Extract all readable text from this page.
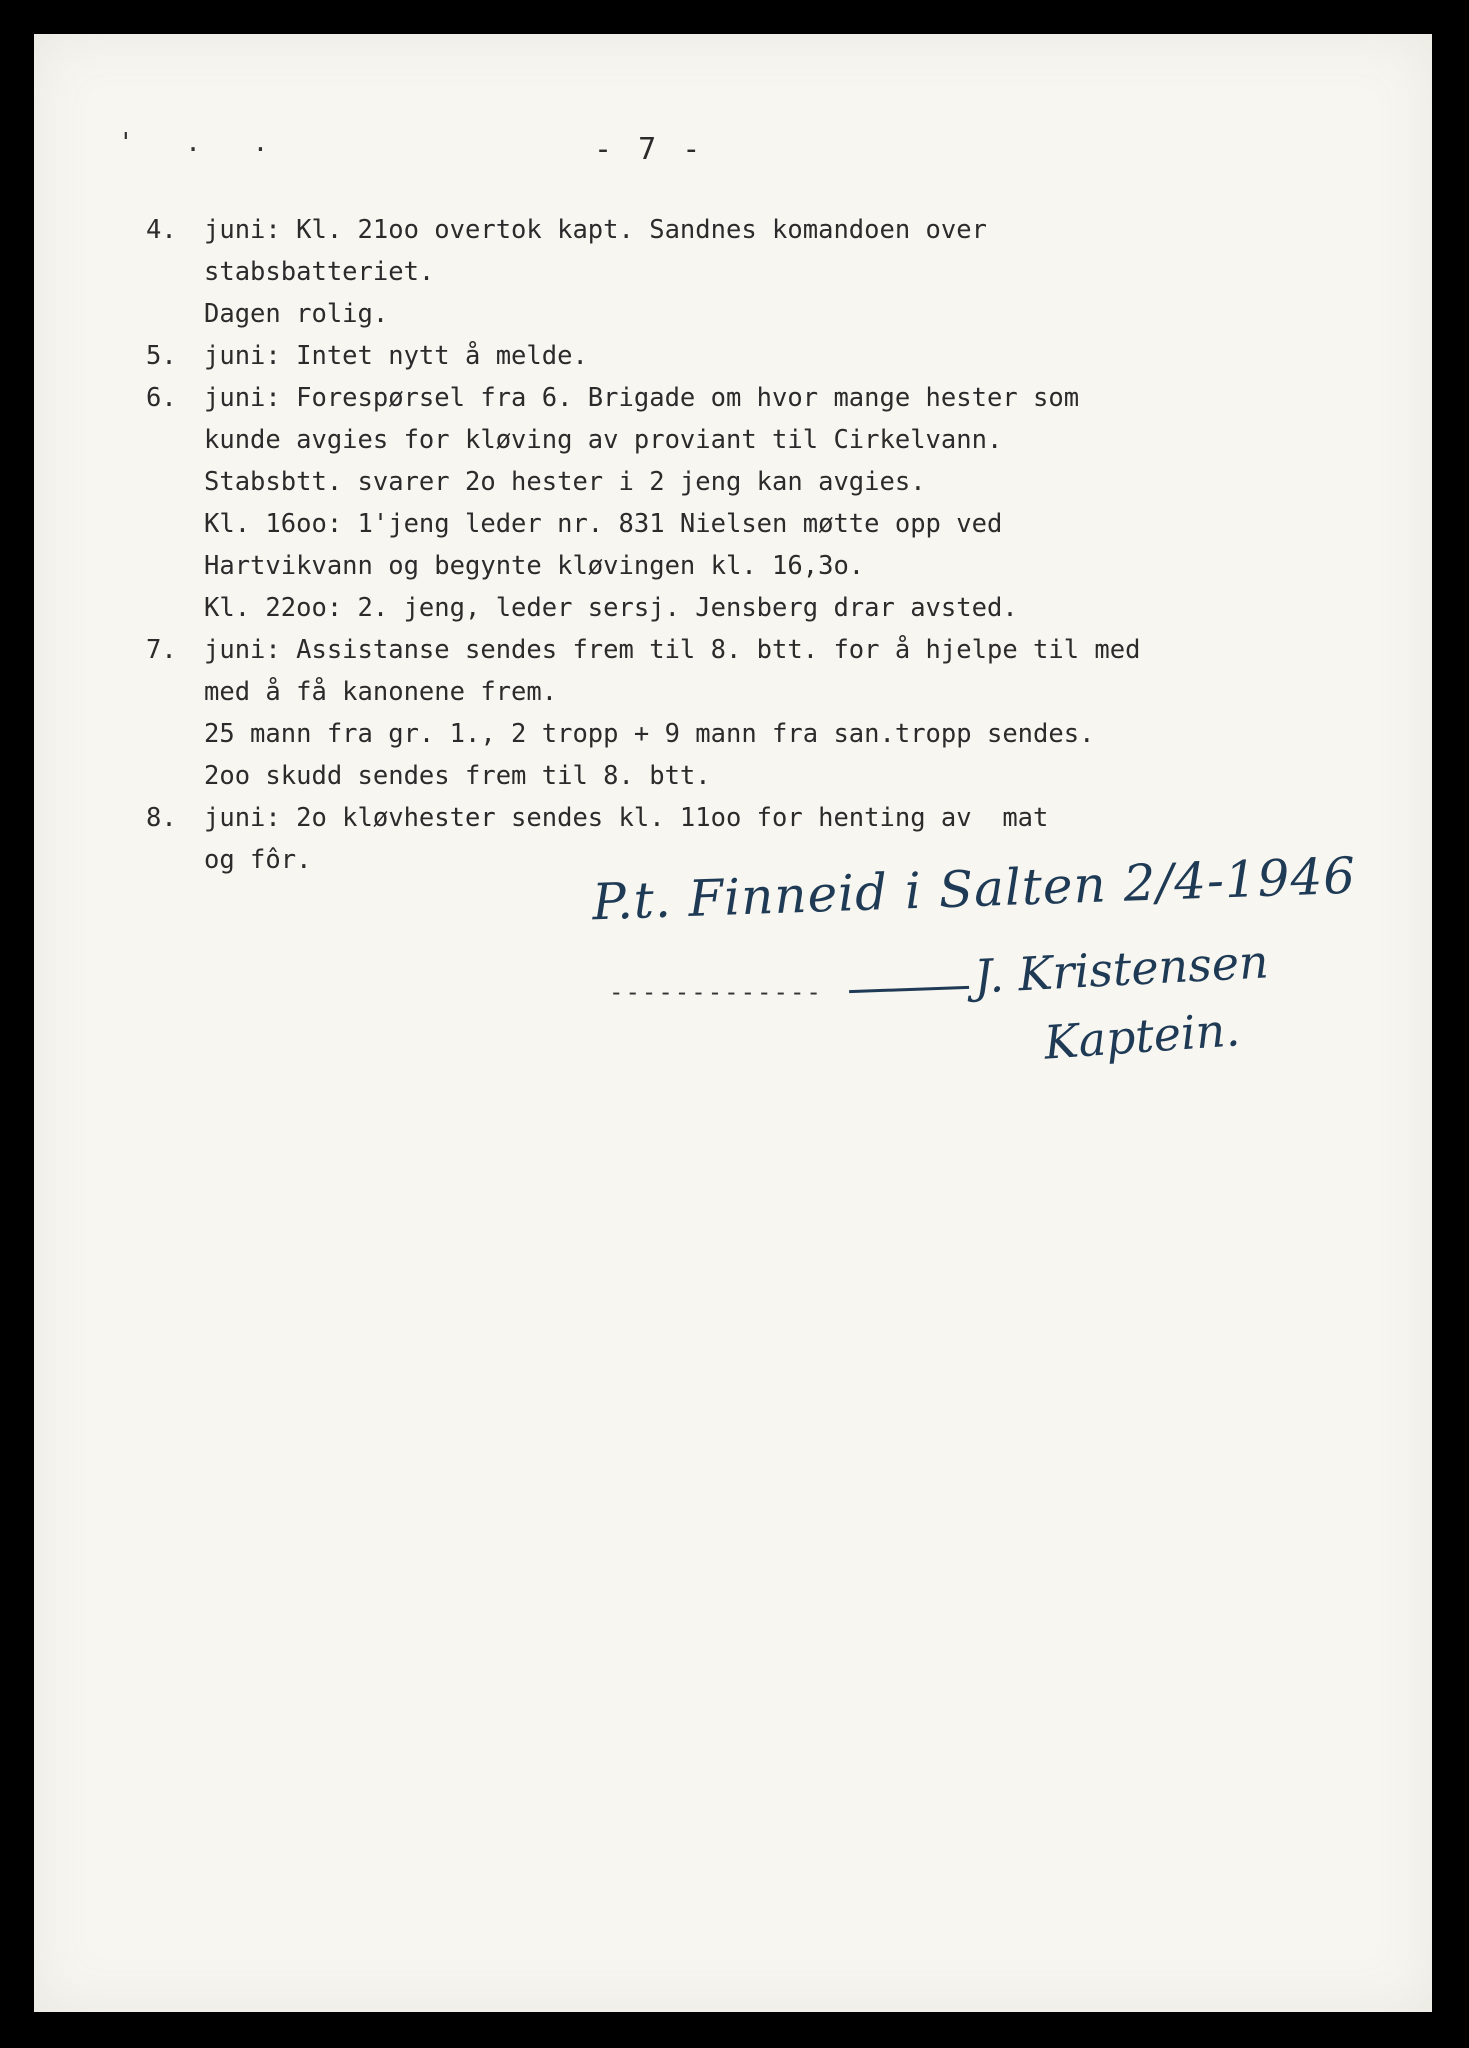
' . .	- 7 -
4.	juni: Kl. 21oo overtok kapt. Sandnes komandoen over
stabsbatteriet.
Dagen rolig.
5.	juni: Intet nytt å melde.
6.	juni: Forespørsel fra 6. Brigade om hvor mange hester som
kunde avgies for kløving av proviant til Cirkelvann.
Stabsbtt. svarer 2o hester i 2 jeng kan avgies.
Kl. 16oo: 1'jeng leder nr. 831 Nielsen møtte opp ved
Hartvikvann og begynte kløvingen kl. 16,3o.
Kl. 22oo: 2. jeng, leder sersj. Jensberg drar avsted.
7.	juni: Assistanse sendes frem til 8. btt. for å hjelpe til med
med å få kanonene frem.
25 mann fra gr. 1., 2 tropp + 9 mann fra san.tropp sendes.
2oo skudd sendes frem til 8. btt.
8.	juni: 2o kløvhester sendes kl. 11oo for henting av  mat
og fôr.	P.t. Finneid i Salten 2/4-1946
-------------	J. Kristensen
Kaptein.
